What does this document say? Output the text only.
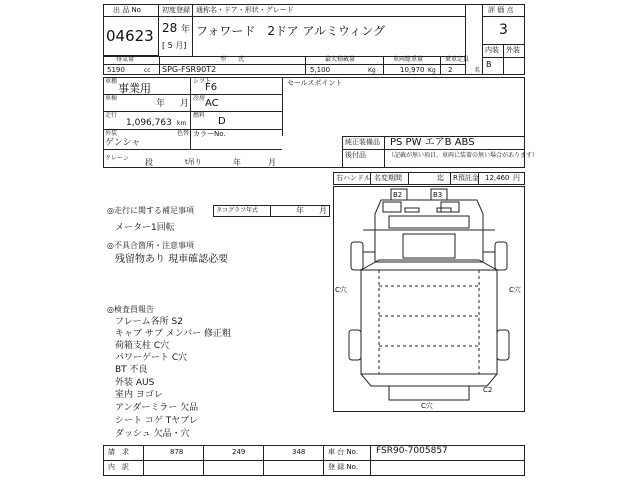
出 品 No
04623
初度登録
28 年
[ 5 月]
通称名・ドア・形状・グレード
フォワード　2ドア アルミウィング
評 価 点
3
内装 外装
B
排気量
5190	cc
型　　式
SPG-FSR90T2
最大積載量
5,100	Kg
車両総重量
10,970 Kg
乗車定員
2	名
車種
事業用
シフト
F6
車検
年 月
冷房 AC
走行
1,096,763 km
燃料
D
外装
ゲンシャ
色替 カラーNo.
クレーン 段	t吊り	年	月
セールスポイント
純正装備品 PS PW エアB ABS
後付品	（記載が無い項目、車両に装着の無い場合があります）
右ハンドル 名変期間	迄 R預託金 12,460 円
◎走行に関する補足事項	タコグラフ年式	年 月
メーター1回転
◎不具合箇所・注意事項
残留物あり 現車確認必要
◎検査員報告
フレーム各所 S2
キャブ サブ メンバー 修正粗
荷箱支柱 C穴
パワーゲート C穴
BT 不良
外装 AUS
室内 ヨゴレ
アンダーミラー 欠品
シート コゲ Tヤブレ
ダッシュ 欠品・穴
B2	B3
C穴	C穴
C2
C穴
請　求	878	249	348
内　訳
車 台 No. FSR90-7005857
登 録 No.
